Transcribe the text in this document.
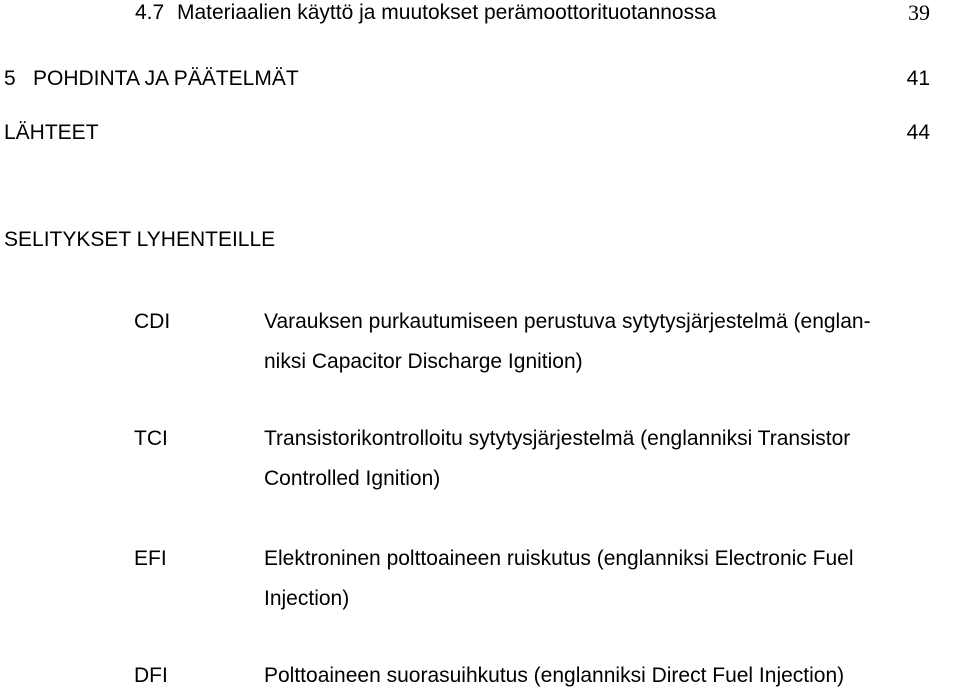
4.7 Materiaalien käyttö ja muutokset perämoottorituotannossa	39
5 POHDINTA JA PÄÄTELMÄT	41
LÄHTEET	44
SELITYKSET LYHENTEILLE
CDI	Varauksen purkautumiseen perustuva sytytysjärjestelmä (englan-
niksi Capacitor Discharge Ignition)
TCI	Transistorikontrolloitu sytytysjärjestelmä (englanniksi Transistor
Controlled Ignition)
EFI	Elektroninen polttoaineen ruiskutus (englanniksi Electronic Fuel
Injection)
DFI	Polttoaineen suorasuihkutus (englanniksi Direct Fuel Injection)
